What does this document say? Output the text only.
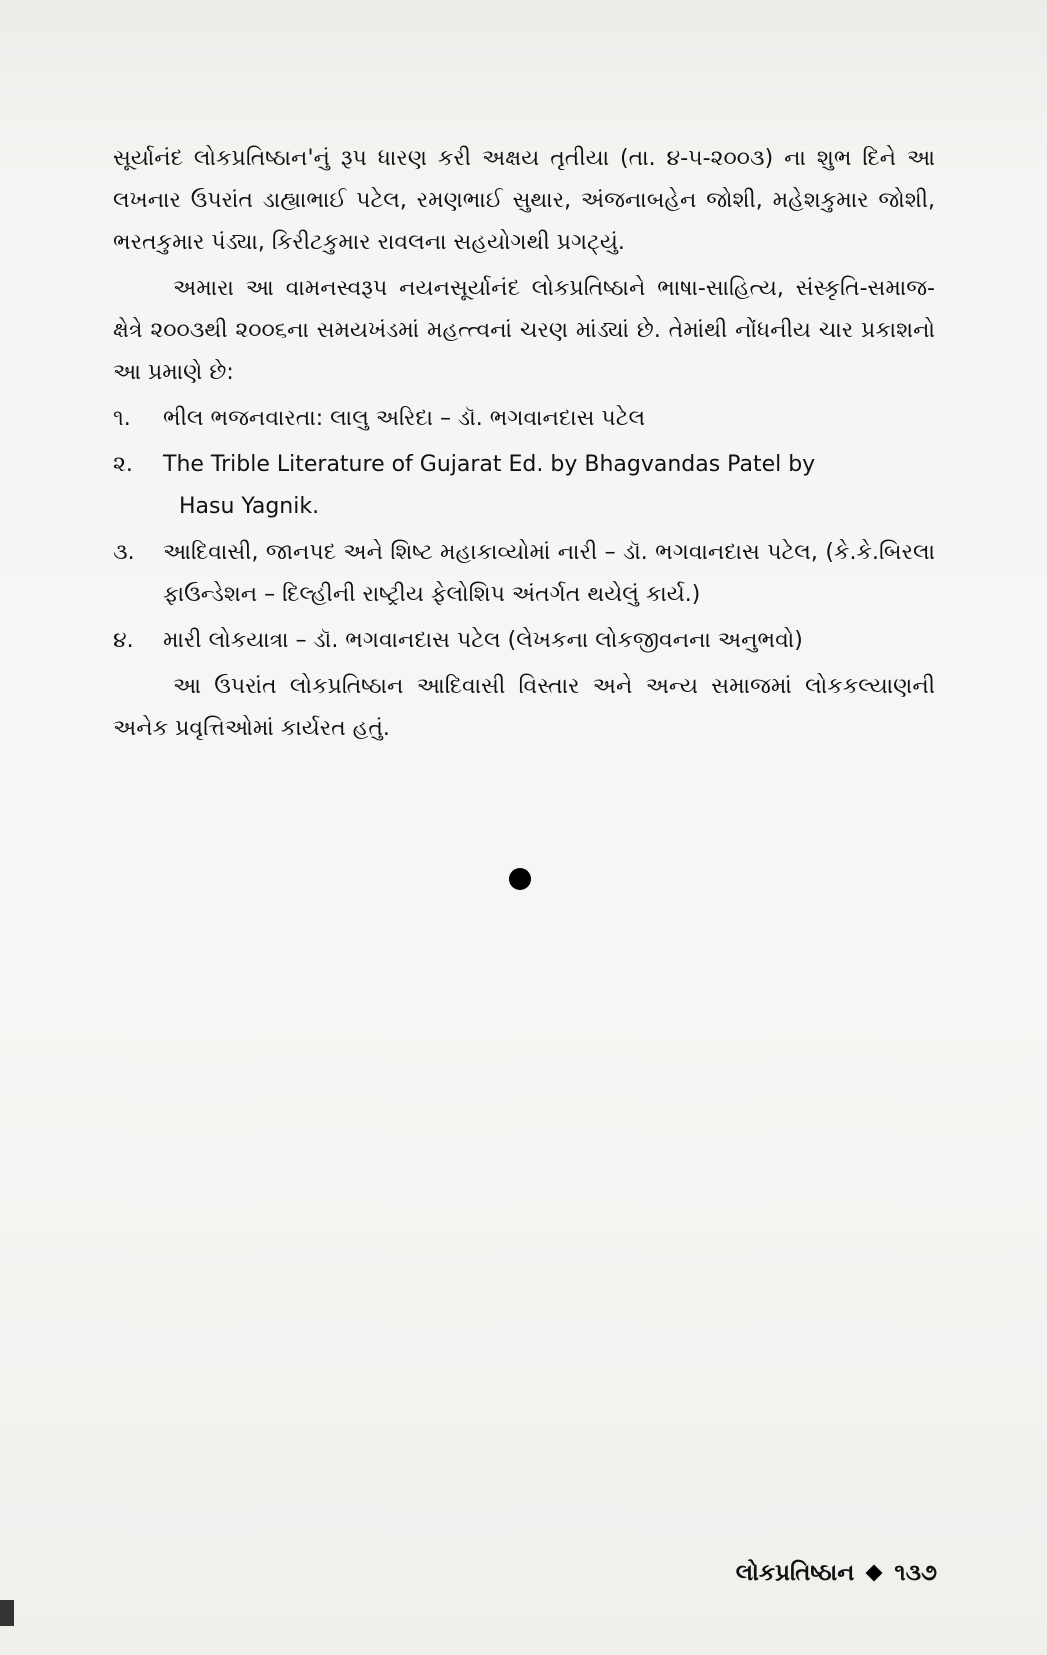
સૂર્યાનંદ લોકપ્રતિષ્ઠાન'નું રૂપ ધારણ કરી અક્ષય તૃતીયા (તા. ૪-૫-૨૦૦૩) ના શુભ દિને આ લખનાર ઉપરાંત ડાહ્યાભાઈ પટેલ, રમણભાઈ સુથાર, અંજનાબહેન જોશી, મહેશકુમાર જોશી, ભરતકુમાર પંડ્યા, કિરીટકુમાર રાવલના સહયોગથી પ્રગટ્યું.

અમારા આ વામનસ્વરૂપ નયનસૂર્યાનંદ લોકપ્રતિષ્ઠાને ભાષા-સાહિત્ય, સંસ્કૃતિ-સમાજ-ક્ષેત્રે ૨૦૦૩થી ૨૦૦૬ના સમયખંડમાં મહત્ત્વનાં ચરણ માંડ્યાં છે. તેમાંથી નોંધનીય ચાર પ્રકાશનો આ પ્રમાણે છે:

૧.	ભીલ ભજનવારતા: લાલુ અરિદા – ડૉ. ભગવાનદાસ પટેલ
૨.	The Trible Literature of Gujarat Ed. by Bhagvandas Patel by
Hasu Yagnik.
૩.	આદિવાસી, જાનપદ અને શિષ્ટ મહાકાવ્યોમાં નારી – ડૉ. ભગવાનદાસ પટેલ, (કે.કે.બિરલા ફાઉન્ડેશન – દિલ્હીની રાષ્ટ્રીય ફેલોશિપ અંતર્ગત થયેલું કાર્ય.)
૪.	મારી લોકયાત્રા – ડૉ. ભગવાનદાસ પટેલ (લેખકના લોકજીવનના અનુભવો)

આ ઉપરાંત લોકપ્રતિષ્ઠાન આદિવાસી વિસ્તાર અને અન્ય સમાજમાં લોકકલ્યાણની અનેક પ્રવૃત્તિઓમાં કાર્યરત હતું.

લોકપ્રતિષ્ઠાન ૧૩૭
